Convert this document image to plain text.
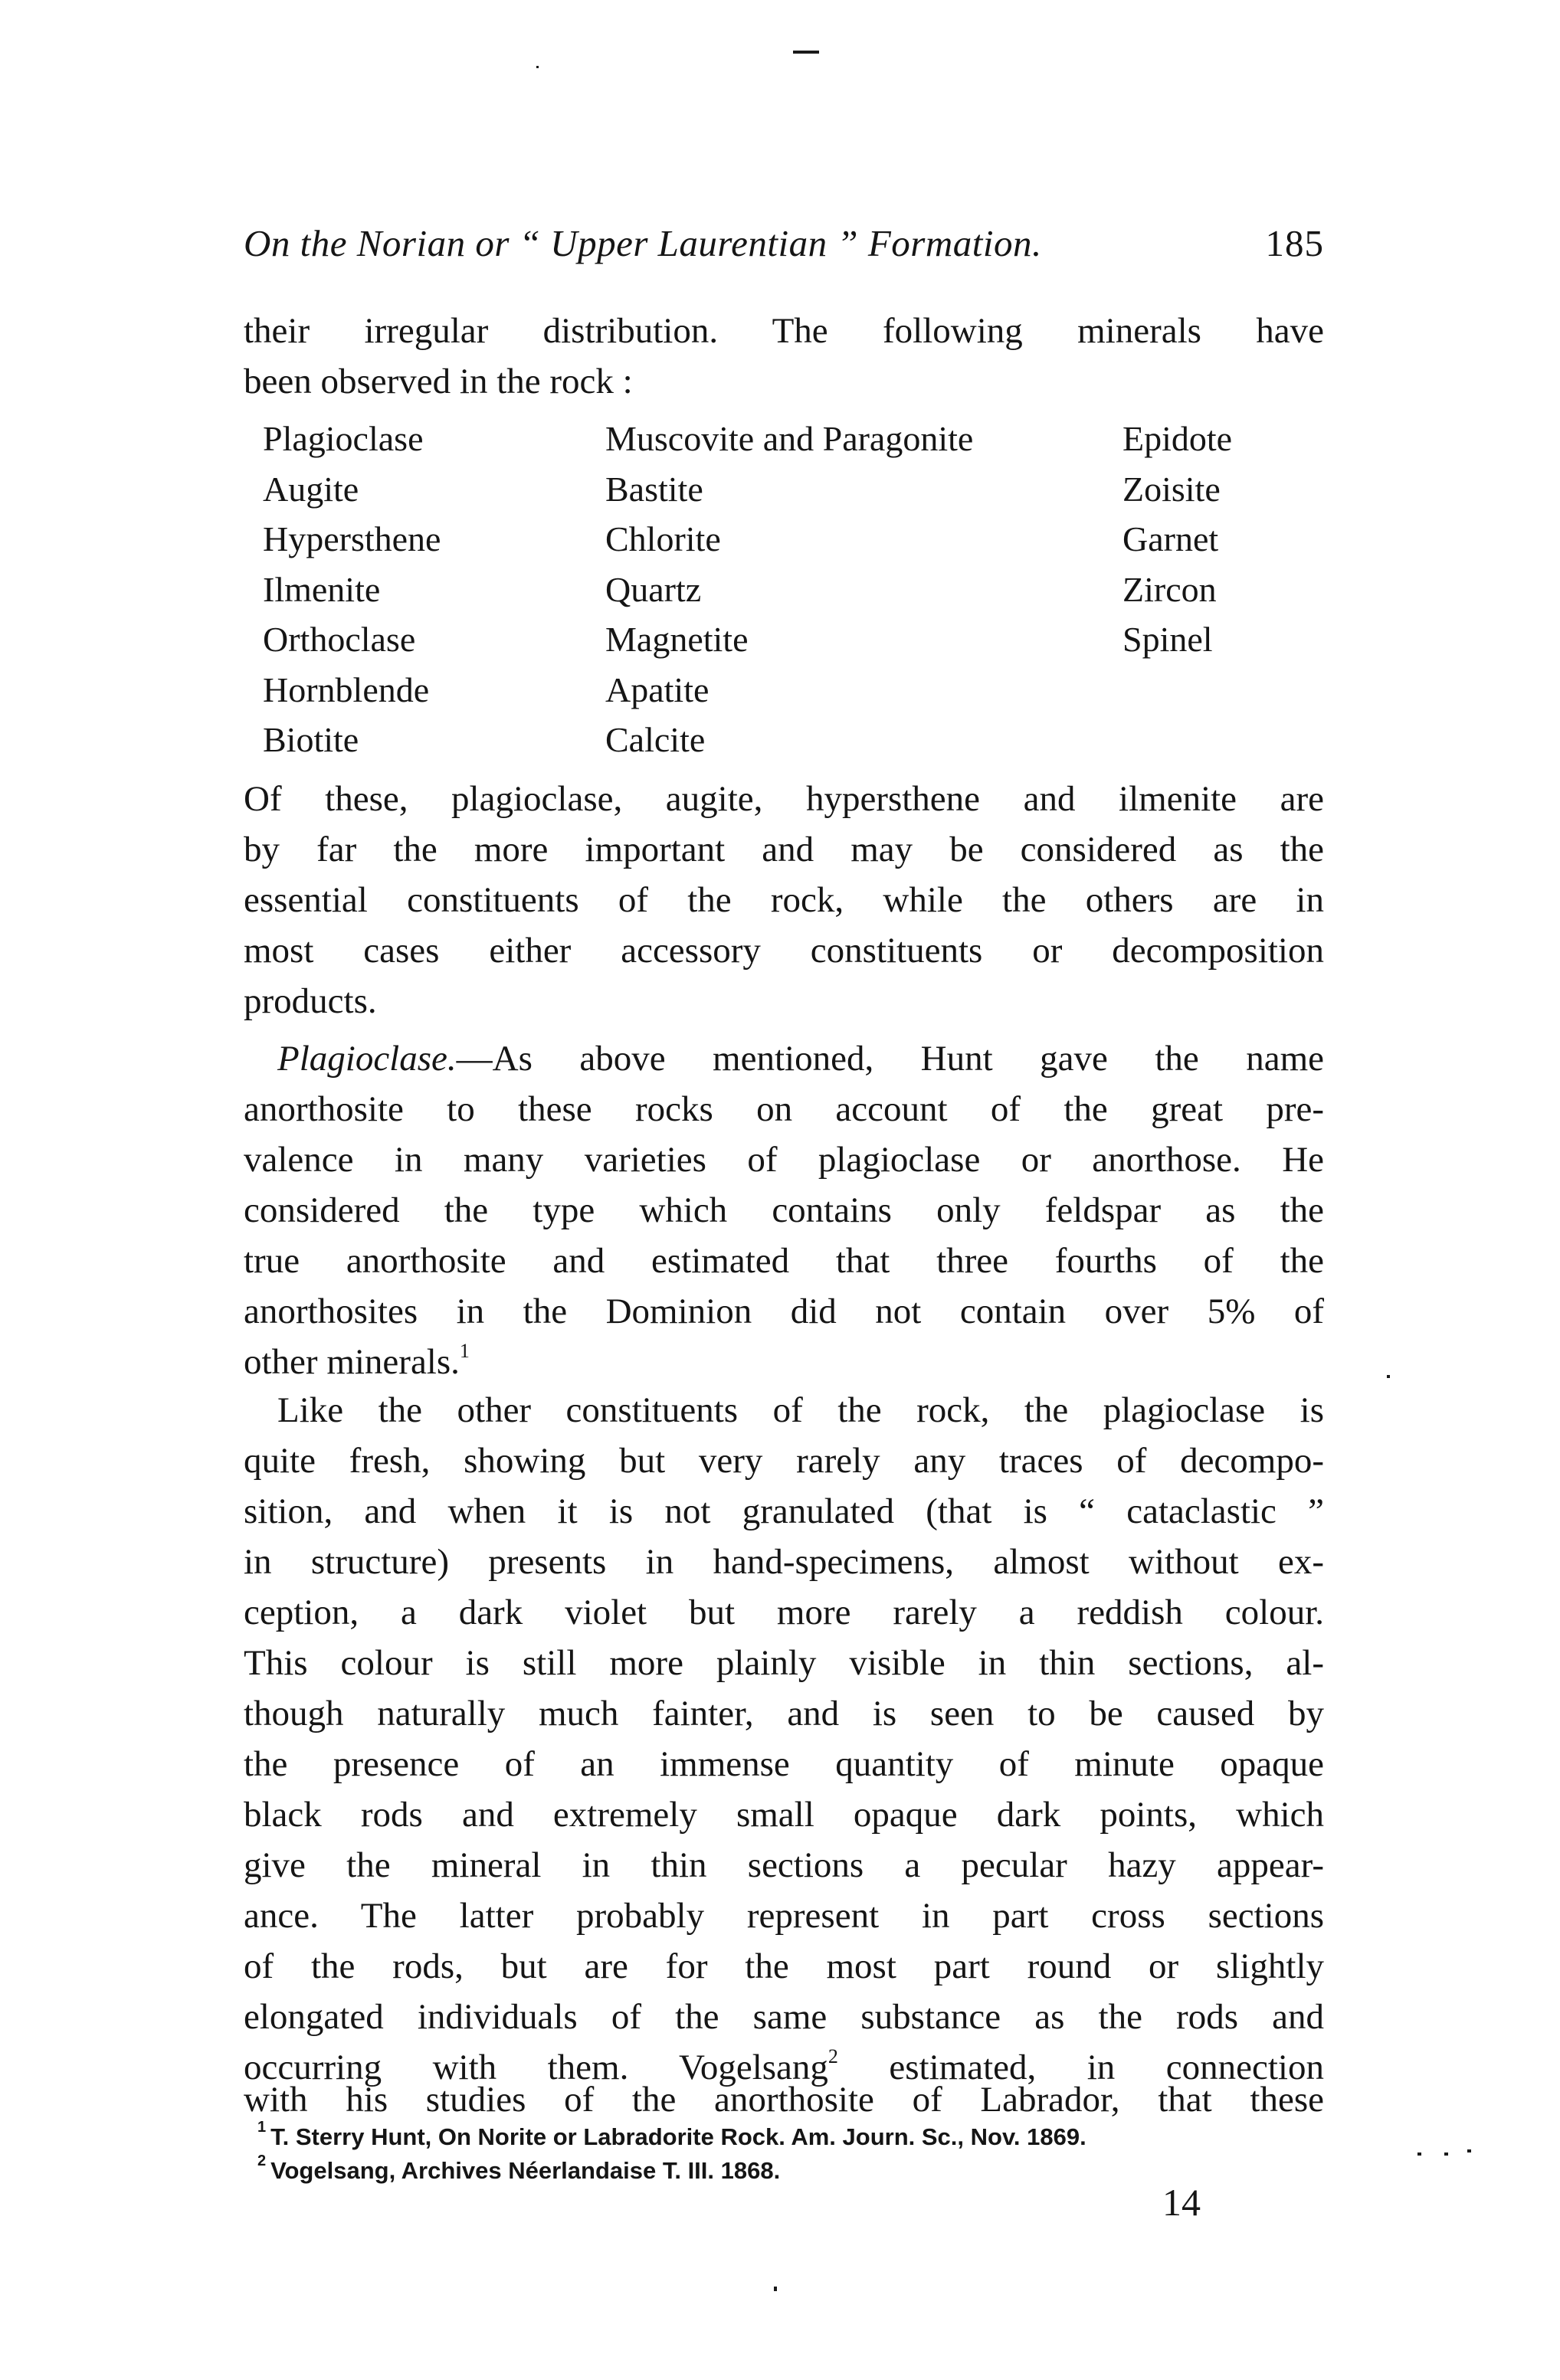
On the Norian or “ Upper Laurentian ” Formation.	185
their irregular distribution. The following minerals have
been observed in the rock :
Plagioclase
Augite
Hypersthene
Ilmenite
Orthoclase
Hornblende
Biotite
Muscovite and Paragonite
Bastite
Chlorite
Quartz
Magnetite
Apatite
Calcite
Epidote
Zoisite
Garnet
Zircon
Spinel
Of these, plagioclase, augite, hypersthene and ilmenite are
by far the more important and may be considered as the
essential constituents of the rock, while the others are in
most cases either accessory constituents or decomposition
products.
Plagioclase.—As above mentioned, Hunt gave the name
anorthosite to these rocks on account of the great pre-
valence in many varieties of plagioclase or anorthose. He
considered the type which contains only feldspar as the
true anorthosite and estimated that three fourths of the
anorthosites in the Dominion did not contain over 5% of
other minerals.$^1$
Like the other constituents of the rock, the plagioclase is
quite fresh, showing but very rarely any traces of decompo-
sition, and when it is not granulated (that is “ cataclastic ”
in structure) presents in hand-specimens, almost without ex-
ception, a dark violet but more rarely a reddish colour.
This colour is still more plainly visible in thin sections, al-
though naturally much fainter, and is seen to be caused by
the presence of an immense quantity of minute opaque
black rods and extremely small opaque dark points, which
give the mineral in thin sections a pecular hazy appear-
ance. The latter probably represent in part cross sections
of the rods, but are for the most part round or slightly
elongated individuals of the same substance as the rods and
occurring with them. Vogelsang$^2$ estimated, in connection
with his studies of the anorthosite of Labrador, that these
$^1$ T. Sterry Hunt, On Norite or Labradorite Rock. Am. Journ. Sc., Nov. 1869.
$^2$ Vogelsang, Archives Néerlandaise T. III. 1868.
14
